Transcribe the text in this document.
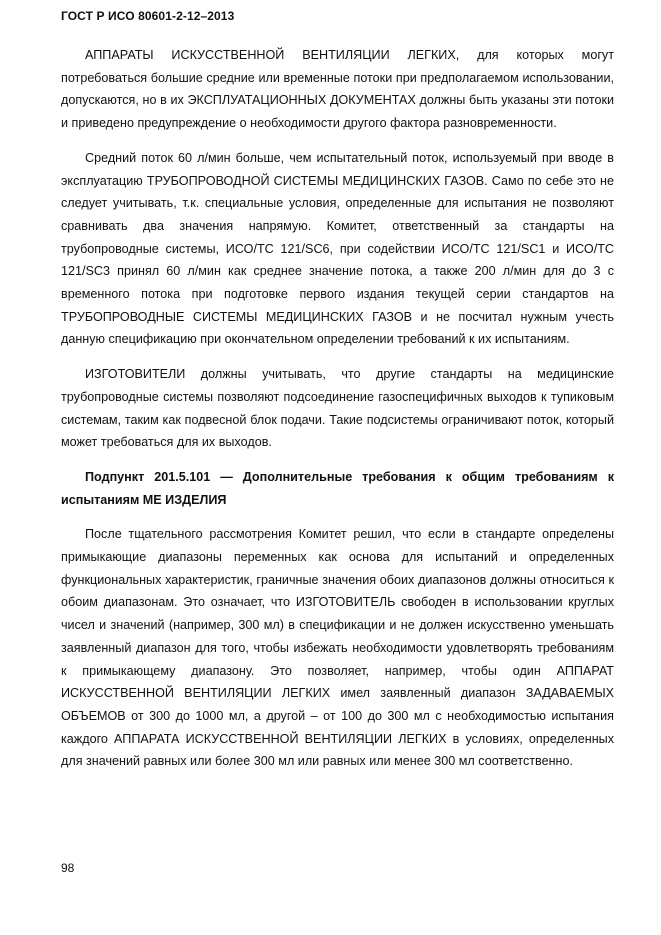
ГОСТ Р ИСО 80601-2-12–2013

АППАРАТЫ ИСКУССТВЕННОЙ ВЕНТИЛЯЦИИ ЛЕГКИХ, для которых могут потребоваться большие средние или временные потоки при предполагаемом использовании, допускаются, но в их ЭКСПЛУАТАЦИОННЫХ ДОКУМЕНТАХ должны быть указаны эти потоки и приведено предупреждение о необходимости другого фактора разновременности.

Средний поток 60 л/мин больше, чем испытательный поток, используемый при вводе в эксплуатацию ТРУБОПРОВОДНОЙ СИСТЕМЫ МЕДИЦИНСКИХ ГАЗОВ. Само по себе это не следует учитывать, т.к. специальные условия, определенные для испытания не позволяют сравнивать два значения напрямую. Комитет, ответственный за стандарты на трубопроводные системы, ИСО/ТС 121/SC6, при содействии ИСО/ТС 121/SC1 и ИСО/ТС 121/SC3 принял 60 л/мин как среднее значение потока, а также 200 л/мин для до 3 с временного потока при подготовке первого издания текущей серии стандартов на ТРУБОПРОВОДНЫЕ СИСТЕМЫ МЕДИЦИНСКИХ ГАЗОВ и не посчитал нужным учесть данную спецификацию при окончательном определении требований к их испытаниям.

ИЗГОТОВИТЕЛИ должны учитывать, что другие стандарты на медицинские трубопроводные системы позволяют подсоединение газоспецифичных выходов к тупиковым системам, таким как подвесной блок подачи. Такие подсистемы ограничивают поток, который может требоваться для их выходов.

Подпункт 201.5.101 — Дополнительные требования к общим требованиям к испытаниям МЕ ИЗДЕЛИЯ

После тщательного рассмотрения Комитет решил, что если в стандарте определены примыкающие диапазоны переменных как основа для испытаний и определенных функциональных характеристик, граничные значения обоих диапазонов должны относиться к обоим диапазонам. Это означает, что ИЗГОТОВИТЕЛЬ свободен в использовании круглых чисел и значений (например, 300 мл) в спецификации и не должен искусственно уменьшать заявленный диапазон для того, чтобы избежать необходимости удовлетворять требованиям к примыкающему диапазону. Это позволяет, например, чтобы один АППАРАТ ИСКУССТВЕННОЙ ВЕНТИЛЯЦИИ ЛЕГКИХ имел заявленный диапазон ЗАДАВАЕМЫХ ОБЪЕМОВ от 300 до 1000 мл, а другой – от 100 до 300 мл с необходимостью испытания каждого АППАРАТА ИСКУССТВЕННОЙ ВЕНТИЛЯЦИИ ЛЕГКИХ в условиях, определенных для значений равных или более 300 мл или равных или менее 300 мл соответственно.

98
